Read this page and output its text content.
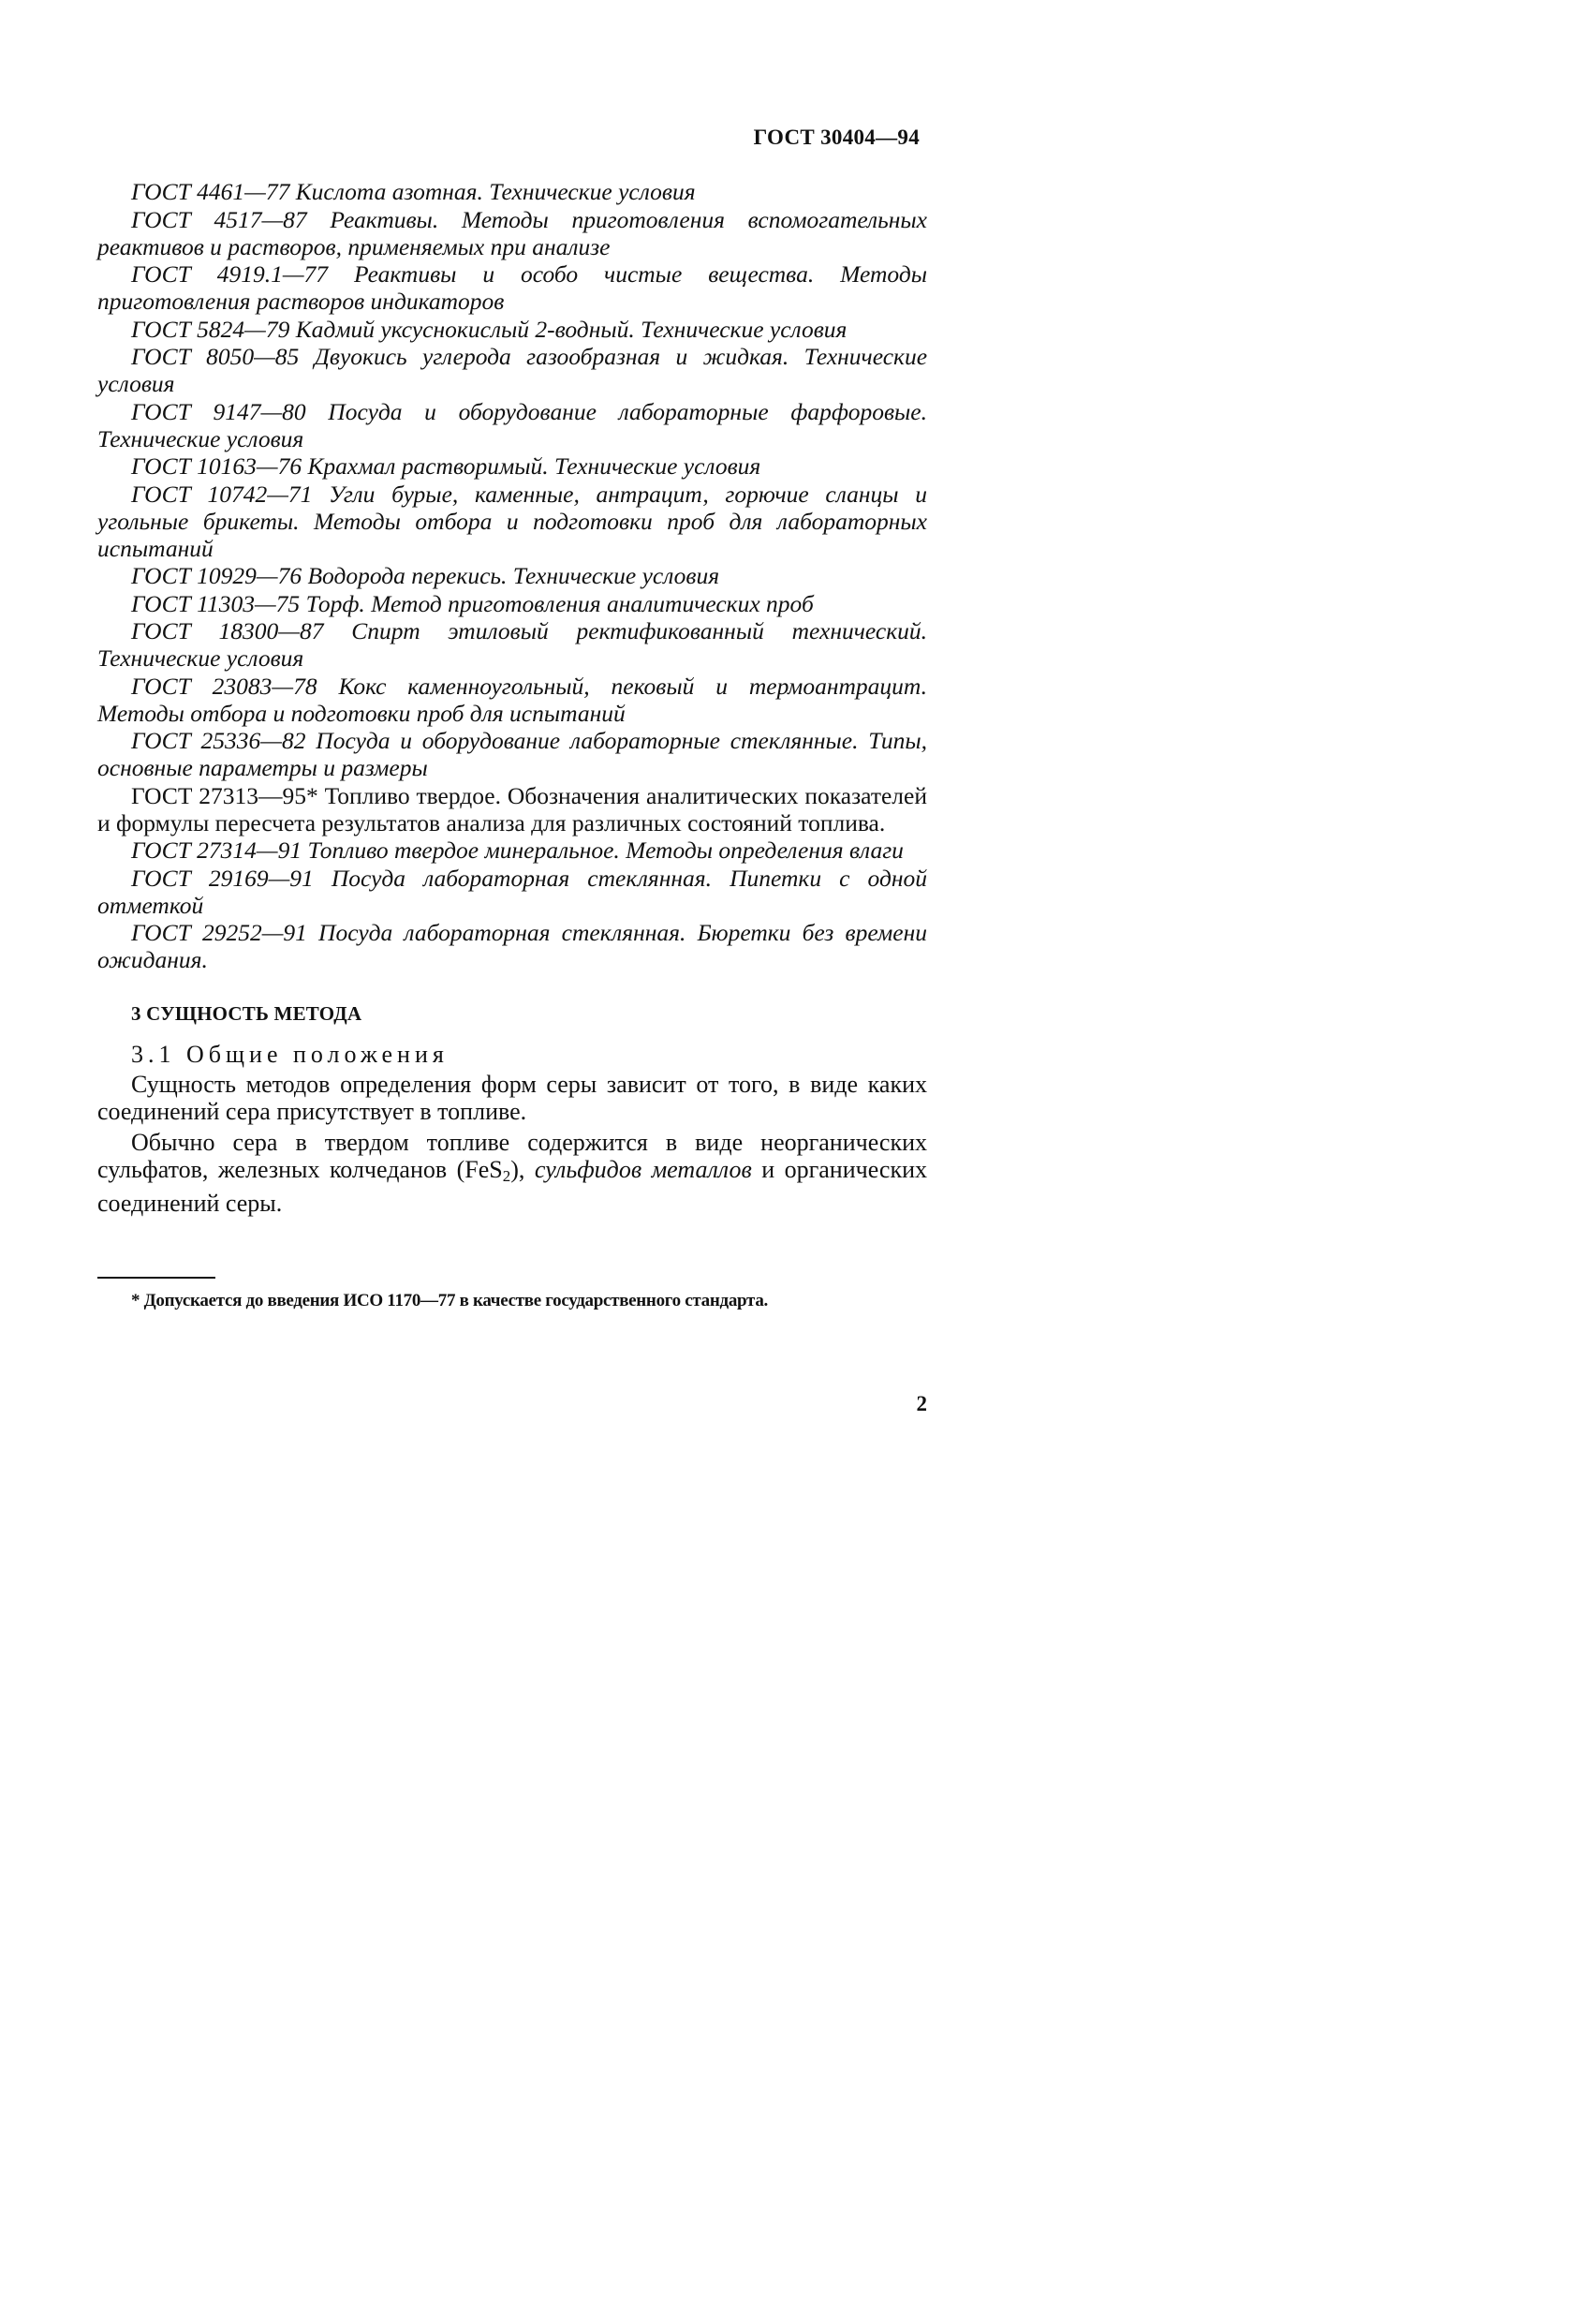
ГОСТ 30404—94

ГОСТ 4461—77 Кислота азотная. Технические условия

ГОСТ 4517—87 Реактивы. Методы приготовления вспомогательных реактивов и растворов, применяемых при анализе

ГОСТ 4919.1—77 Реактивы и особо чистые вещества. Методы приготовления растворов индикаторов

ГОСТ 5824—79 Кадмий уксуснокислый 2-водный. Технические условия

ГОСТ 8050—85 Двуокись углерода газообразная и жидкая. Технические условия

ГОСТ 9147—80 Посуда и оборудование лабораторные фарфоровые. Технические условия

ГОСТ 10163—76 Крахмал растворимый. Технические условия

ГОСТ 10742—71 Угли бурые, каменные, антрацит, горючие сланцы и угольные брикеты. Методы отбора и подготовки проб для лабораторных испытаний

ГОСТ 10929—76 Водорода перекись. Технические условия

ГОСТ 11303—75 Торф. Метод приготовления аналитических проб

ГОСТ 18300—87 Спирт этиловый ректификованный технический. Технические условия

ГОСТ 23083—78 Кокс каменноугольный, пековый и термоантрацит. Методы отбора и подготовки проб для испытаний

ГОСТ 25336—82 Посуда и оборудование лабораторные стеклянные. Типы, основные параметры и размеры

ГОСТ 27313—95* Топливо твердое. Обозначения аналитических показателей и формулы пересчета результатов анализа для различных состояний топлива.

ГОСТ 27314—91 Топливо твердое минеральное. Методы определения влаги

ГОСТ 29169—91 Посуда лабораторная стеклянная. Пипетки с одной отметкой

ГОСТ 29252—91 Посуда лабораторная стеклянная. Бюретки без времени ожидания.

3 СУЩНОСТЬ МЕТОДА
3.1 Общие положения

Сущность методов определения форм серы зависит от того, в виде каких соединений сера присутствует в топливе.

Обычно сера в твердом топливе содержится в виде неорганических сульфатов, железных колчеданов (FeS$_2$), сульфидов металлов и органических соединений серы.

* Допускается до введения ИСО 1170—77 в качестве государственного стандарта.
2
